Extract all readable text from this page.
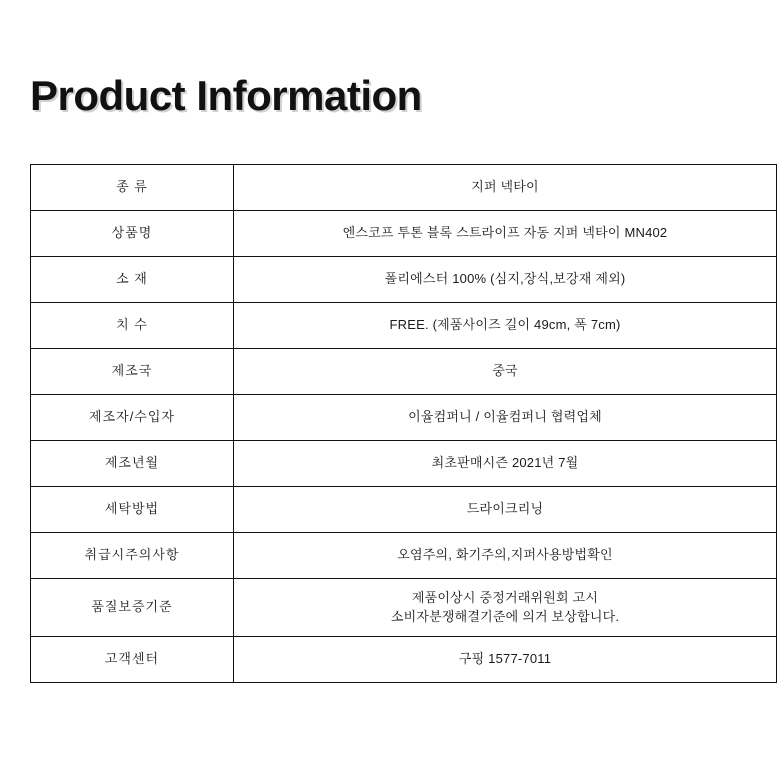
Product Information
종 류	지퍼 넥타이

상품명	엔스코프 투톤 블록 스트라이프 자동 지퍼 넥타이 MN402

소 재	폴리에스터 100% (심지,장식,보강재 제외)

치 수	FREE. (제품사이즈 길이 49cm, 폭 7cm)

제조국	중국

제조자/수입자	이율컴퍼니 / 이율컴퍼니 협력업체

제조년월	최초판매시즌 2021년 7월

세탁방법	드라이크리닝

취급시주의사항	오염주의, 화기주의,지퍼사용방법확인

품질보증기준	제품이상시 중정거래위원회 고시
소비자분쟁해결기준에 의거 보상합니다.

고객센터	구핑 1577-7011
